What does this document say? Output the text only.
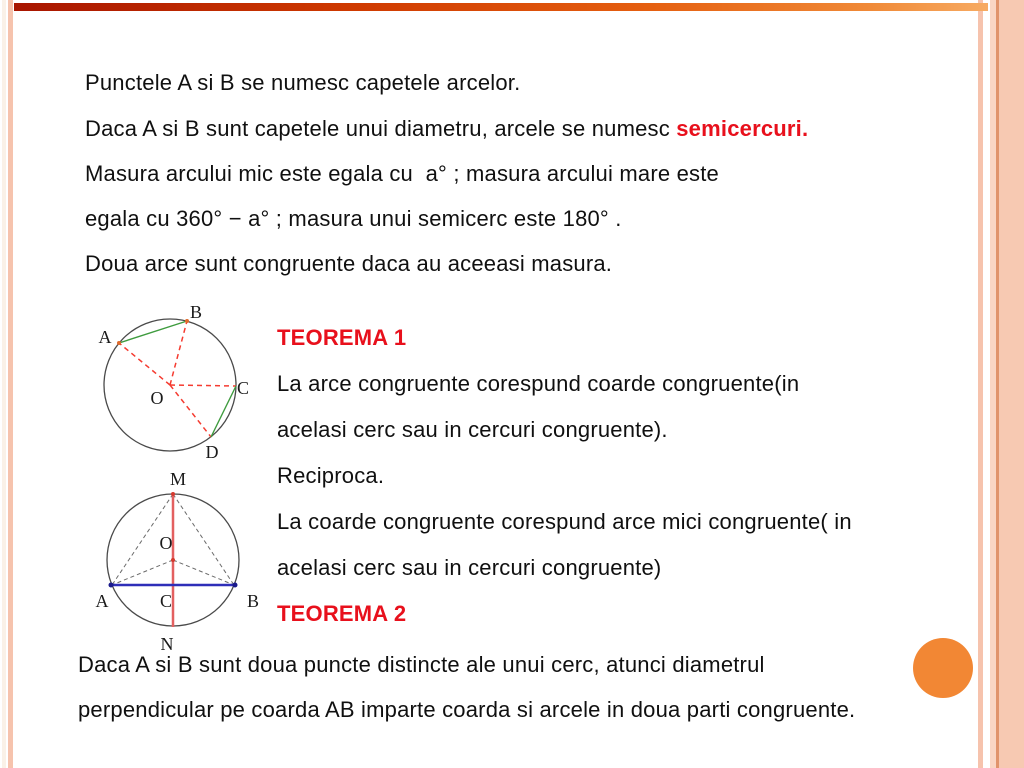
Punctele A si B se numesc capetele arcelor.
Daca A si B sunt capetele unui diametru, arcele se numesc semicercuri.
Masura arcului mic este egala cu  a° ; masura arcului mare este
egala cu 360° − a° ; masura unui semicerc este 180° .
Doua arce sunt congruente daca au aceeasi masura.
TEOREMA 1
La arce congruente corespund coarde congruente(in
acelasi cerc sau in cercuri congruente).
Reciproca.
La coarde congruente corespund arce mici congruente( in
acelasi cerc sau in cercuri congruente)
TEOREMA 2
Daca A si B sunt doua puncte distincte ale unui cerc, atunci diametrul
perpendicular pe coarda AB imparte coarda si arcele in doua parti congruente.
A
B
C
D
O
M
O
A	C	B
N
